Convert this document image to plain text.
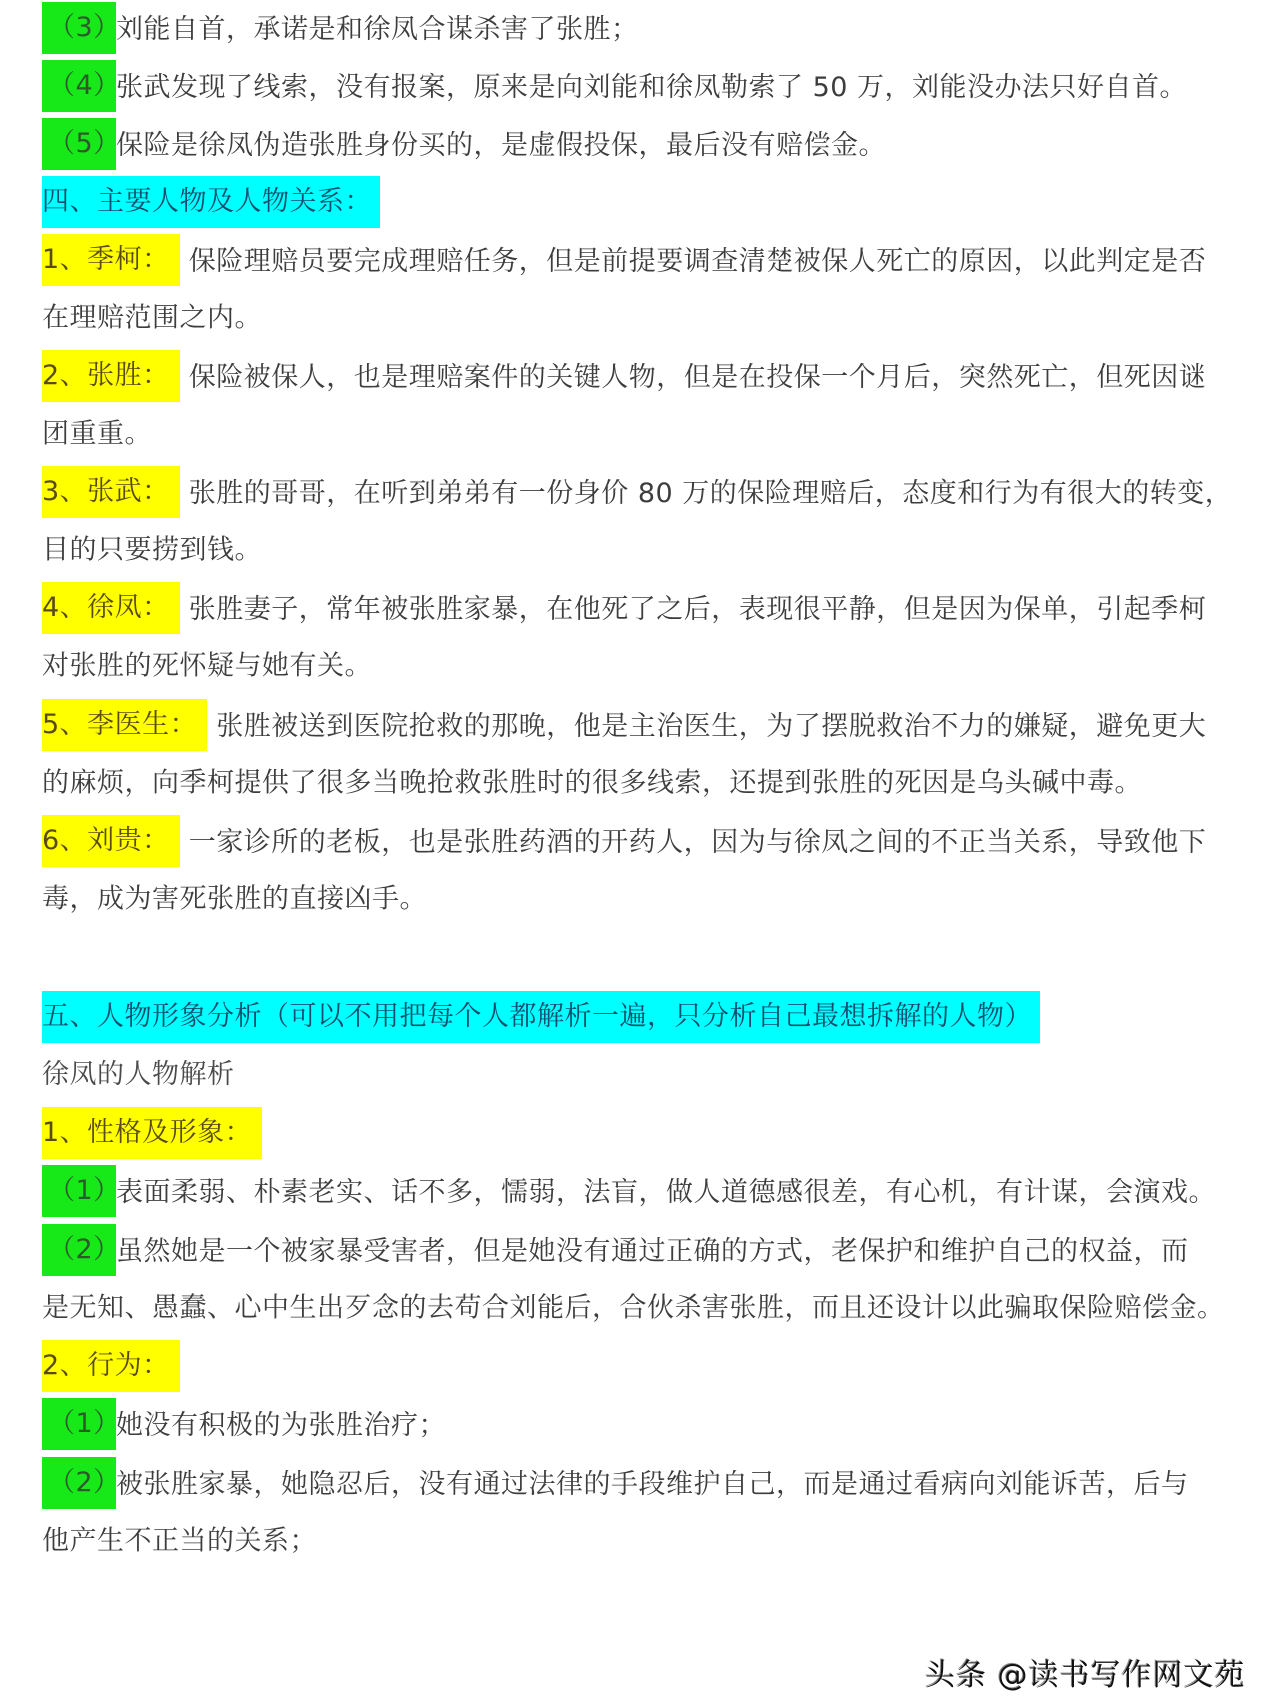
（3）刘能自首，承诺是和徐凤合谋杀害了张胜；
（4）张武发现了线索，没有报案，原来是向刘能和徐凤勒索了 50 万，刘能没办法只好自首。
（5）保险是徐凤伪造张胜身份买的，是虚假投保，最后没有赔偿金。
四、主要人物及人物关系：
1、季柯： 保险理赔员要完成理赔任务，但是前提要调查清楚被保人死亡的原因，以此判定是否
在理赔范围之内。
2、张胜： 保险被保人，也是理赔案件的关键人物，但是在投保一个月后，突然死亡，但死因谜
团重重。
3、张武： 张胜的哥哥，在听到弟弟有一份身价 80 万的保险理赔后，态度和行为有很大的转变，
目的只要捞到钱。
4、徐凤： 张胜妻子，常年被张胜家暴，在他死了之后，表现很平静，但是因为保单，引起季柯
对张胜的死怀疑与她有关。
5、李医生： 张胜被送到医院抢救的那晚，他是主治医生，为了摆脱救治不力的嫌疑，避免更大
的麻烦，向季柯提供了很多当晚抢救张胜时的很多线索，还提到张胜的死因是乌头碱中毒。
6、刘贵： 一家诊所的老板，也是张胜药酒的开药人，因为与徐凤之间的不正当关系，导致他下
毒，成为害死张胜的直接凶手。
五、人物形象分析（可以不用把每个人都解析一遍，只分析自己最想拆解的人物）
徐凤的人物解析
1、性格及形象：
（1）表面柔弱、朴素老实、话不多，懦弱，法盲，做人道德感很差，有心机，有计谋，会演戏。
（2）虽然她是一个被家暴受害者，但是她没有通过正确的方式，老保护和维护自己的权益，而
是无知、愚蠢、心中生出歹念的去苟合刘能后，合伙杀害张胜，而且还设计以此骗取保险赔偿金。
2、行为：
（1）她没有积极的为张胜治疗；
（2）被张胜家暴，她隐忍后，没有通过法律的手段维护自己，而是通过看病向刘能诉苦，后与
他产生不正当的关系；
头条 @读书写作网文苑
